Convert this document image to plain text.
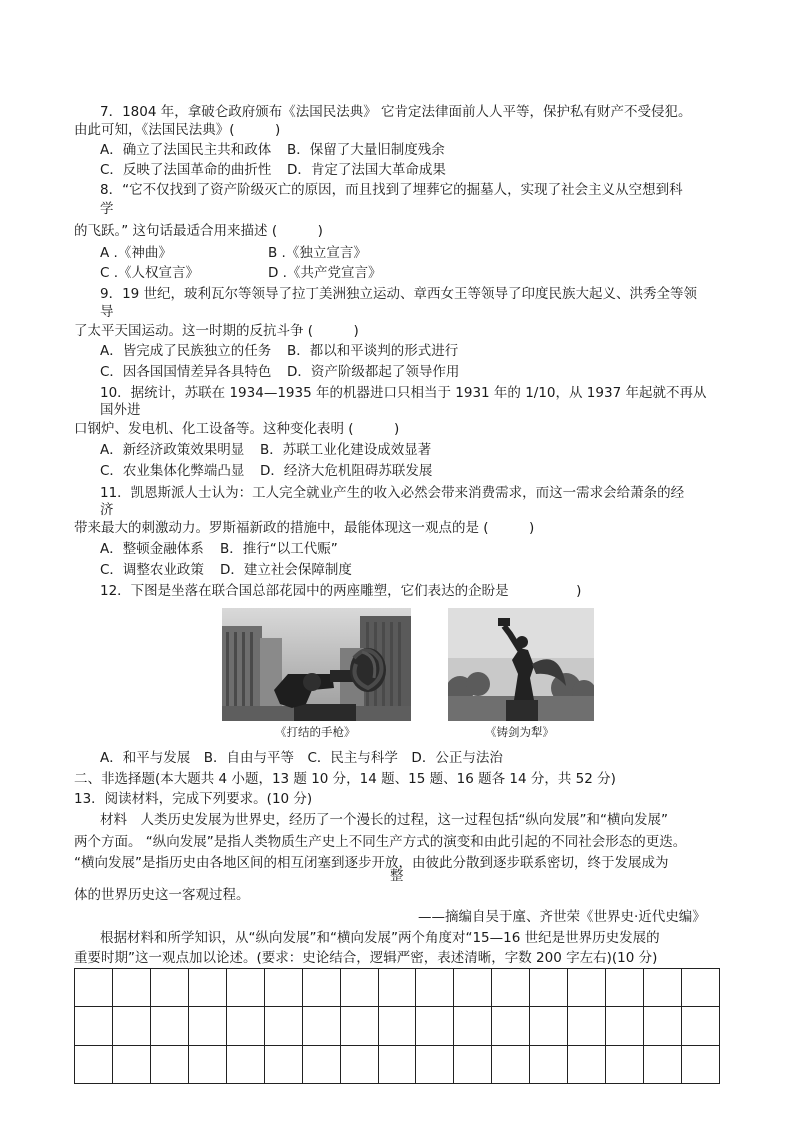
7．1804 年，拿破仑政府颁布《法国民法典》 它肯定法律面前人人平等，保护私有财产不受侵犯。
由此可知，《法国民法典》(　　　)
A．确立了法国民主共和政体 B．保留了大量旧制度残余
C．反映了法国革命的曲折性 D．肯定了法国大革命成果
8．“它不仅找到了资产阶级灭亡的原因，而且找到了埋葬它的掘墓人，实现了社会主义从空想到科
学
的飞跃。” 这句话最适合用来描述 (　　　)
A .《神曲》	B .《独立宣言》
C .《人权宣言》	D .《共产党宣言》
9．19 世纪，玻利瓦尔等领导了拉丁美洲独立运动、章西女王等领导了印度民族大起义、洪秀全等领
导
了太平天国运动。这一时期的反抗斗争 (　　　)
A．皆完成了民族独立的任务 B．都以和平谈判的形式进行
C．因各国国情差异各具特色 D．资产阶级都起了领导作用
10．据统计，苏联在 1934—1935 年的机器进口只相当于 1931 年的 1/10，从 1937 年起就不再从
国外进
口钢炉、发电机、化工设备等。这种变化表明 (　　　)
A．新经济政策效果明显 B．苏联工业化建设成效显著
C．农业集体化弊端凸显 D．经济大危机阻碍苏联发展
11．凯恩斯派人士认为：工人完全就业产生的收入必然会带来消费需求，而这一需求会给萧条的经
济
带来最大的刺激动力。罗斯福新政的措施中，最能体现这一观点的是 (　　　)
A．整顿金融体系 B．推行“以工代赈”
C．调整农业政策 D．建立社会保障制度
12．下图是坐落在联合国总部花园中的两座雕塑，它们表达的企盼是　　　　　)
《打结的手枪》	《铸剑为犁》
A．和平与发展　B．自由与平等　C．民主与科学　D．公正与法治
二、非选择题(本大题共 4 小题，13 题 10 分，14 题、15 题、16 题各 14 分，共 52 分)
13．阅读材料，完成下列要求。(10 分)
材料　人类历史发展为世界史，经历了一个漫长的过程，这一过程包括“纵向发展”和“横向发展”
两个方面。 “纵向发展”是指人类物质生产史上不同生产方式的演变和由此引起的不同社会形态的更迭。
“横向发展”是指历史由各地区间的相互闭塞到逐步开放，由彼此分散到逐步联系密切，终于发展成为
整
体的世界历史这一客观过程。
——摘编自吴于廑、齐世荣《世界史·近代史编》
根据材料和所学知识，从“纵向发展”和“横向发展”两个角度对“15—16 世纪是世界历史发展的
重要时期”这一观点加以论述。(要求：史论结合，逻辑严密，表述清晰，字数 200 字左右)(10 分)
